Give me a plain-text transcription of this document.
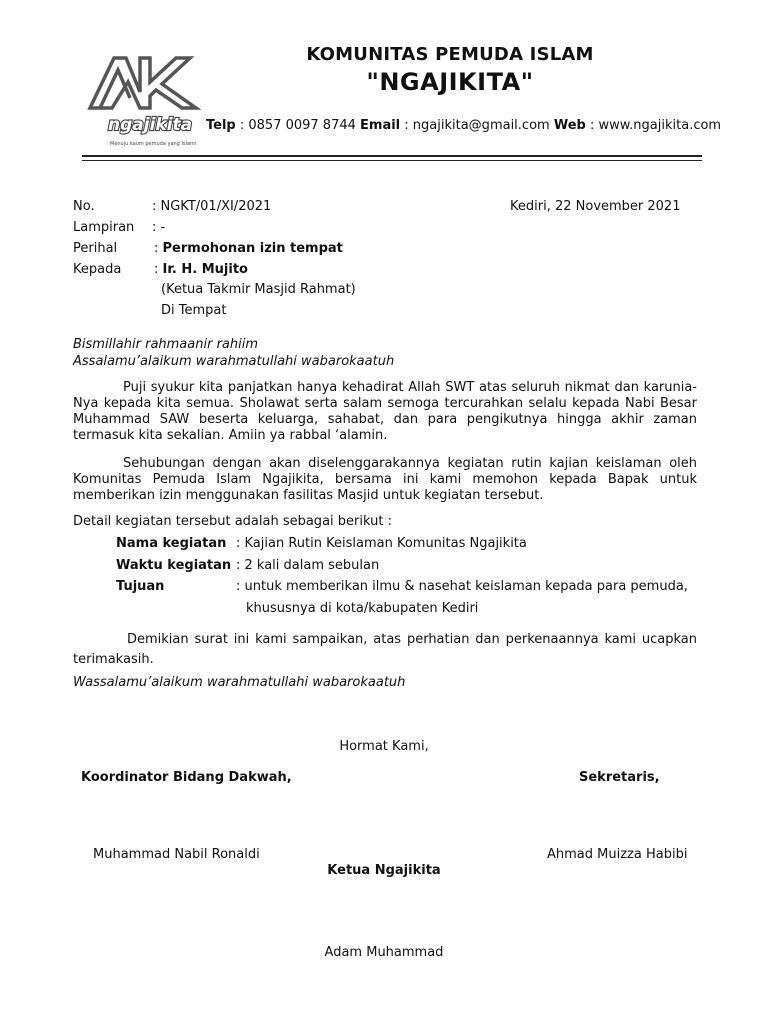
ngajikita
Menuju kaum pemuda yang islami
KOMUNITAS PEMUDA ISLAM
"NGAJIKITA"
Telp : 0857 0097 8744 Email : ngajikita@gmail.com Web : www.ngajikita.com
No.	: NGKT/01/XI/2021	Kediri, 22 November 2021
Lampiran : -
Perihal	: Permohonan izin tempat
Kepada	: Ir. H. Mujito
(Ketua Takmir Masjid Rahmat)
Di Tempat
Bismillahir rahmaanir rahiim
Assalamu’alaikum warahmatullahi wabarokaatuh
Puji syukur kita panjatkan hanya kehadirat Allah SWT atas seluruh nikmat dan karunia-Nya kepada kita semua. Sholawat serta salam semoga tercurahkan selalu kepada Nabi Besar Muhammad SAW beserta keluarga, sahabat, dan para pengikutnya hingga akhir zaman termasuk kita sekalian. Amiin ya rabbal ‘alamin.
Sehubungan dengan akan diselenggarakannya kegiatan rutin kajian keislaman oleh Komunitas Pemuda Islam Ngajikita, bersama ini kami memohon kepada Bapak untuk memberikan izin menggunakan fasilitas Masjid untuk kegiatan tersebut.
Detail kegiatan tersebut adalah sebagai berikut :
Nama kegiatan : Kajian Rutin Keislaman Komunitas Ngajikita
Waktu kegiatan : 2 kali dalam sebulan
Tujuan	: untuk memberikan ilmu & nasehat keislaman kepada para pemuda,
khususnya di kota/kabupaten Kediri
Demikian surat ini kami sampaikan, atas perhatian dan perkenaannya kami ucapkan terimakasih.
Wassalamu’alaikum warahmatullahi wabarokaatuh
Hormat Kami,
Koordinator Bidang Dakwah,	Sekretaris,
Muhammad Nabil Ronaldi	Ahmad Muizza Habibi
Ketua Ngajikita
Adam Muhammad
